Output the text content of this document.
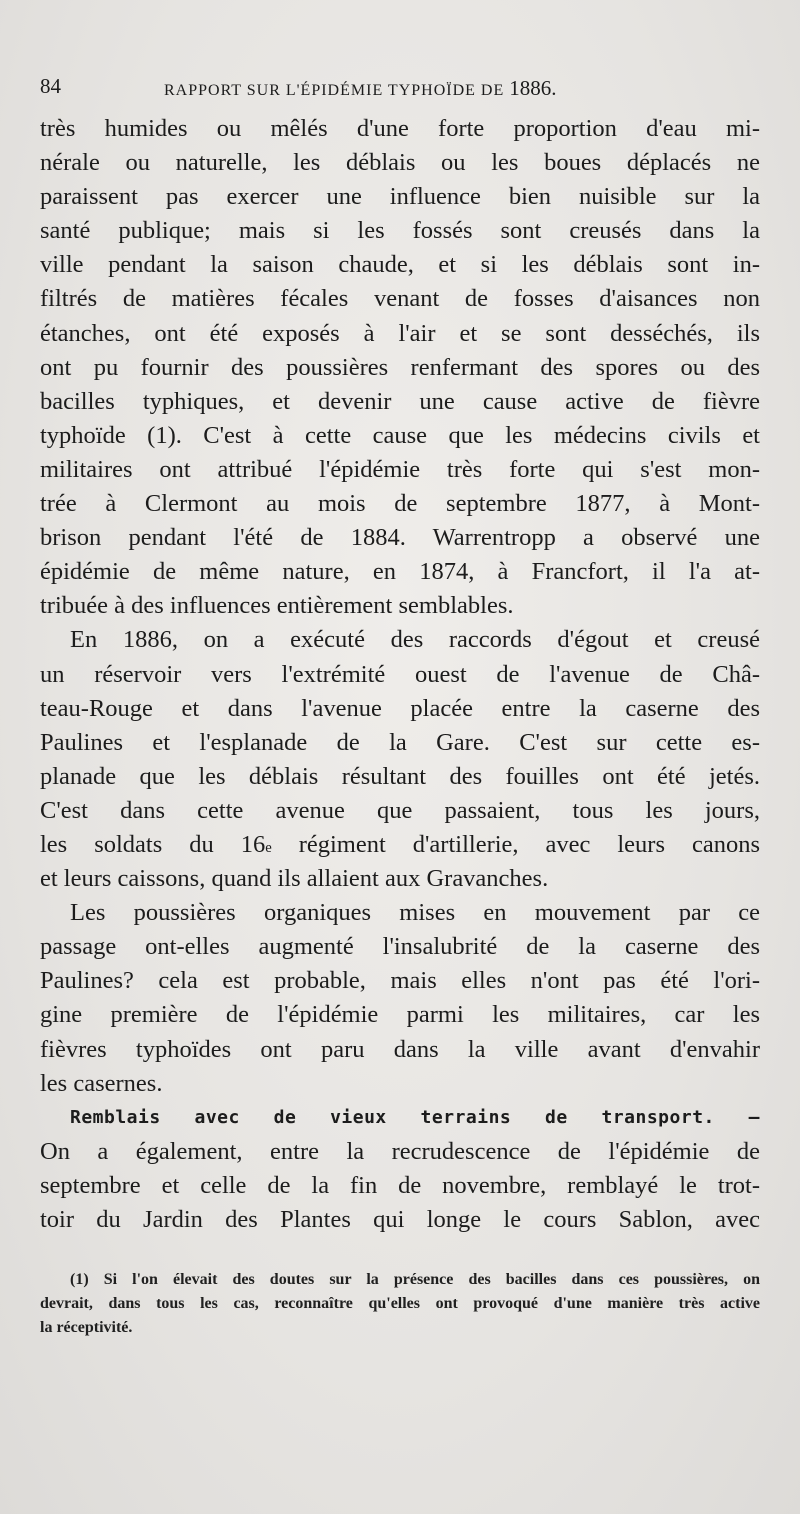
84	RAPPORT SUR L'ÉPIDÉMIE TYPHOÏDE DE 1886.
très humides ou mêlés d'une forte proportion d'eau mi-
nérale ou naturelle, les déblais ou les boues déplacés ne
paraissent pas exercer une influence bien nuisible sur la
santé publique; mais si les fossés sont creusés dans la
ville pendant la saison chaude, et si les déblais sont in-
filtrés de matières fécales venant de fosses d'aisances non
étanches, ont été exposés à l'air et se sont desséchés, ils
ont pu fournir des poussières renfermant des spores ou des
bacilles typhiques, et devenir une cause active de fièvre
typhoïde (1). C'est à cette cause que les médecins civils et
militaires ont attribué l'épidémie très forte qui s'est mon-
trée à Clermont au mois de septembre 1877, à Mont-
brison pendant l'été de 1884. Warrentropp a observé une
épidémie de même nature, en 1874, à Francfort, il l'a at-
tribuée à des influences entièrement semblables.
En 1886, on a exécuté des raccords d'égout et creusé
un réservoir vers l'extrémité ouest de l'avenue de Châ-
teau-Rouge et dans l'avenue placée entre la caserne des
Paulines et l'esplanade de la Gare. C'est sur cette es-
planade que les déblais résultant des fouilles ont été jetés.
C'est dans cette avenue que passaient, tous les jours,
les soldats du 16e régiment d'artillerie, avec leurs canons
et leurs caissons, quand ils allaient aux Gravanches.
Les poussières organiques mises en mouvement par ce
passage ont-elles augmenté l'insalubrité de la caserne des
Paulines? cela est probable, mais elles n'ont pas été l'ori-
gine première de l'épidémie parmi les militaires, car les
fièvres typhoïdes ont paru dans la ville avant d'envahir
les casernes.
Remblais avec de vieux terrains de transport. —
On a également, entre la recrudescence de l'épidémie de
septembre et celle de la fin de novembre, remblayé le trot-
toir du Jardin des Plantes qui longe le cours Sablon, avec
(1) Si l'on élevait des doutes sur la présence des bacilles dans ces poussières, on
devrait, dans tous les cas, reconnaître qu'elles ont provoqué d'une manière très active
la réceptivité.
